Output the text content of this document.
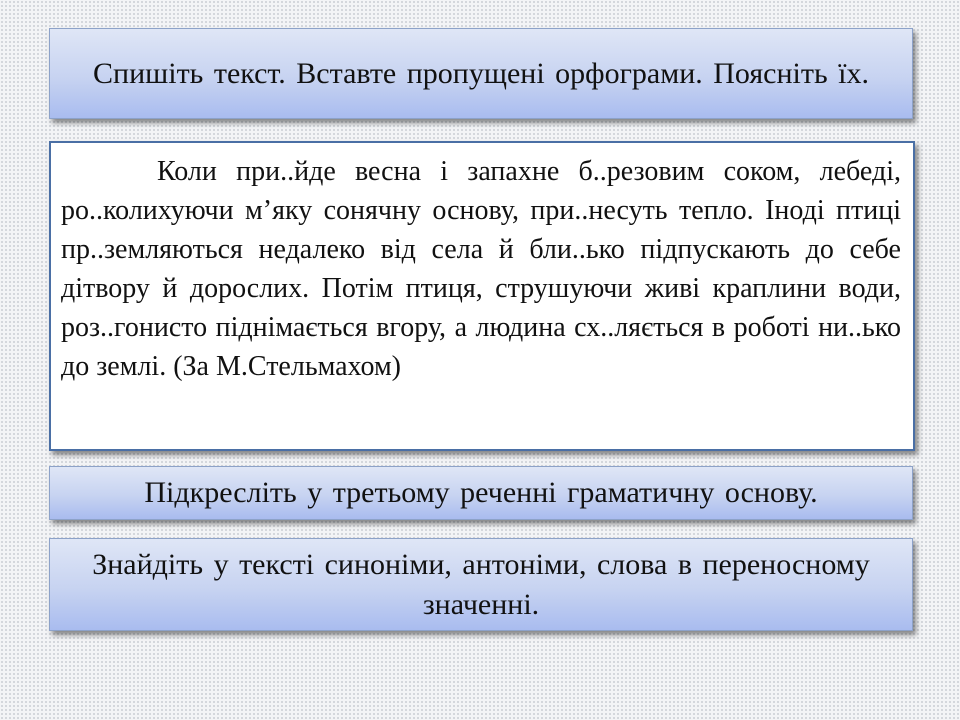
Спишіть текст. Вставте пропущені орфограми. Поясніть їх.

Коли при..йде весна і запахне б..резовим соком, лебеді, ро..колихуючи м’яку сонячну основу, при..несуть тепло. Іноді птиці пр..земляються недалеко від села й бли..ько підпускають до себе дітвору й дорослих. Потім птиця, струшуючи живі краплини води, роз..гонисто піднімається вгору, а людина сх..ляється в роботі ни..ько до землі. (За М.Стельмахом)

Підкресліть у третьому реченні граматичну основу.
Знайдіть у тексті синоніми, антоніми, слова в переносному значенні.
